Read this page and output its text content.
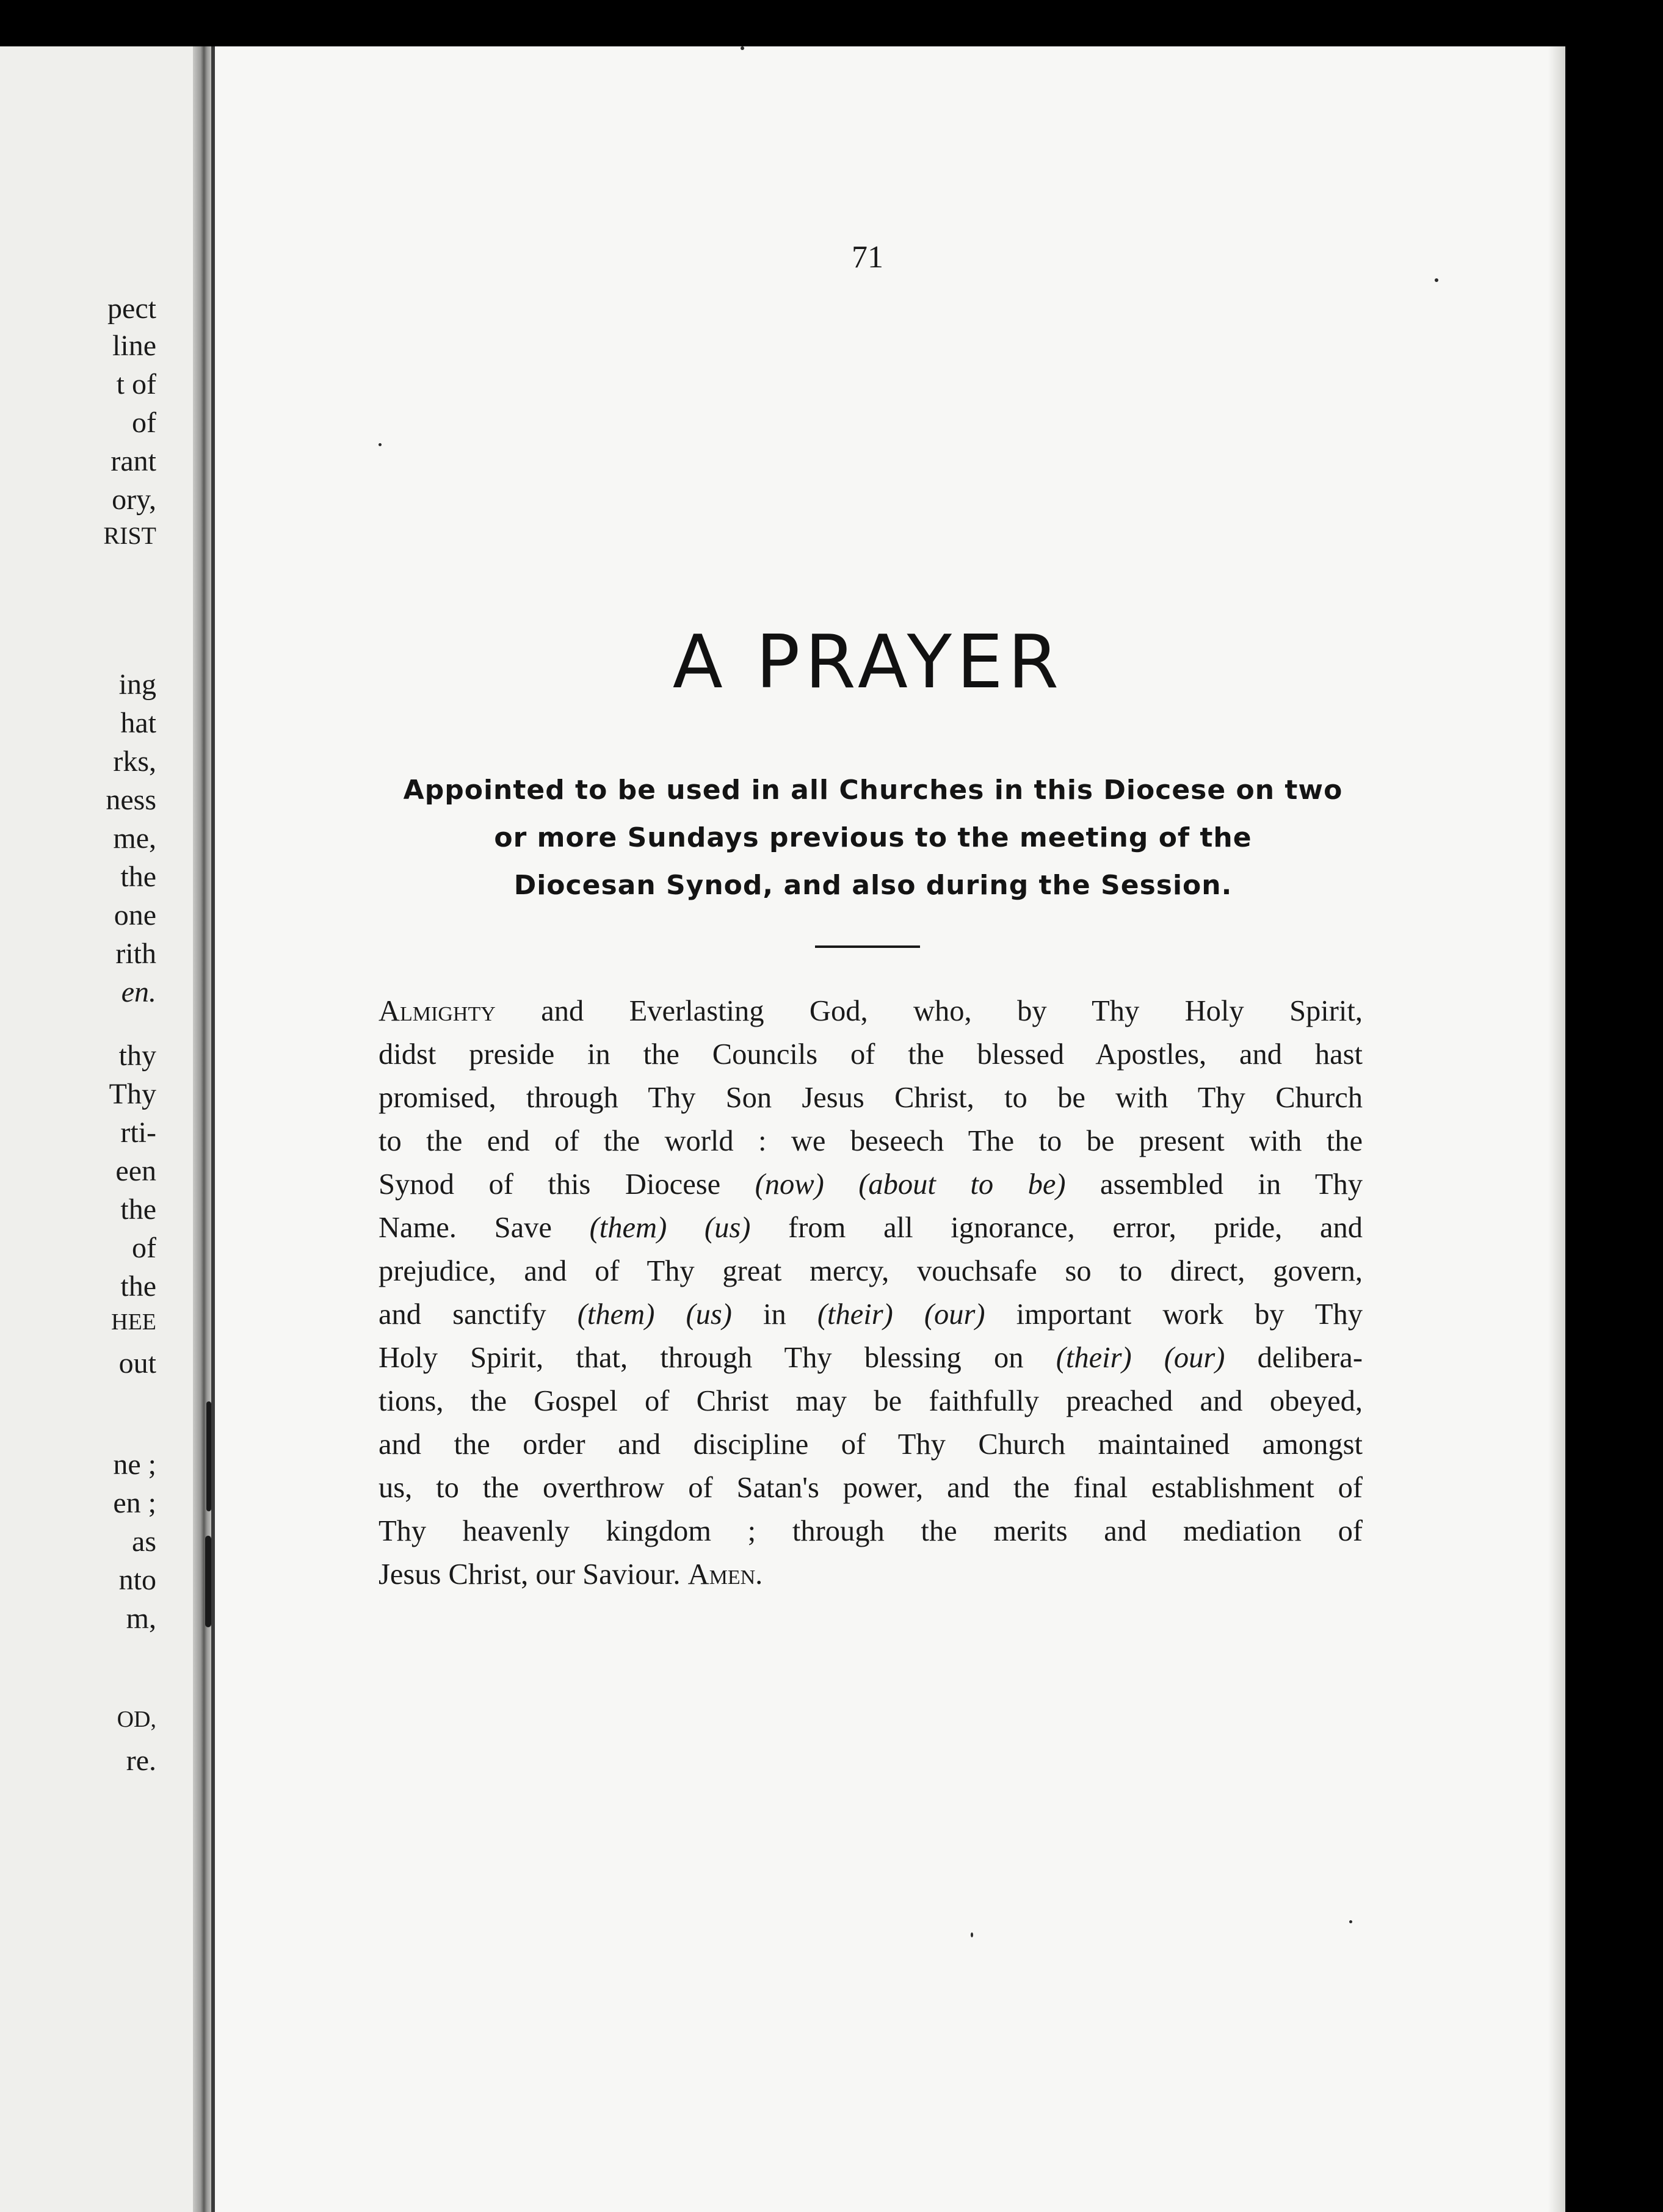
pect
line
t of
of
rant
ory,
RIST
ing
hat
rks,
ness
me,
the
one
rith
en.
thy
Thy
rti-
een
the
of
the
HEE
out
ne ;
en ;
as
nto
m,
OD,
re.
71
A PRAYER
Appointed to be used in all Churches in this Diocese on two
or more Sundays previous to the meeting of the
Diocesan Synod, and also during the Session.
Almighty and Everlasting God, who, by Thy Holy Spirit,
didst preside in the Councils of the blessed Apostles, and hast
promised, through Thy Son Jesus Christ, to be with Thy Church
to the end of the world : we beseech The to be present with the
Synod of this Diocese (now) (about to be) assembled in Thy
Name. Save (them) (us) from all ignorance, error, pride, and
prejudice, and of Thy great mercy, vouchsafe so to direct, govern,
and sanctify (them) (us) in (their) (our) important work by Thy
Holy Spirit, that, through Thy blessing on (their) (our) delibera-
tions, the Gospel of Christ may be faithfully preached and obeyed,
and the order and discipline of Thy Church maintained amongst
us, to the overthrow of Satan's power, and the final establishment of
Thy heavenly kingdom ; through the merits and mediation of
Jesus Christ, our Saviour. Amen.
